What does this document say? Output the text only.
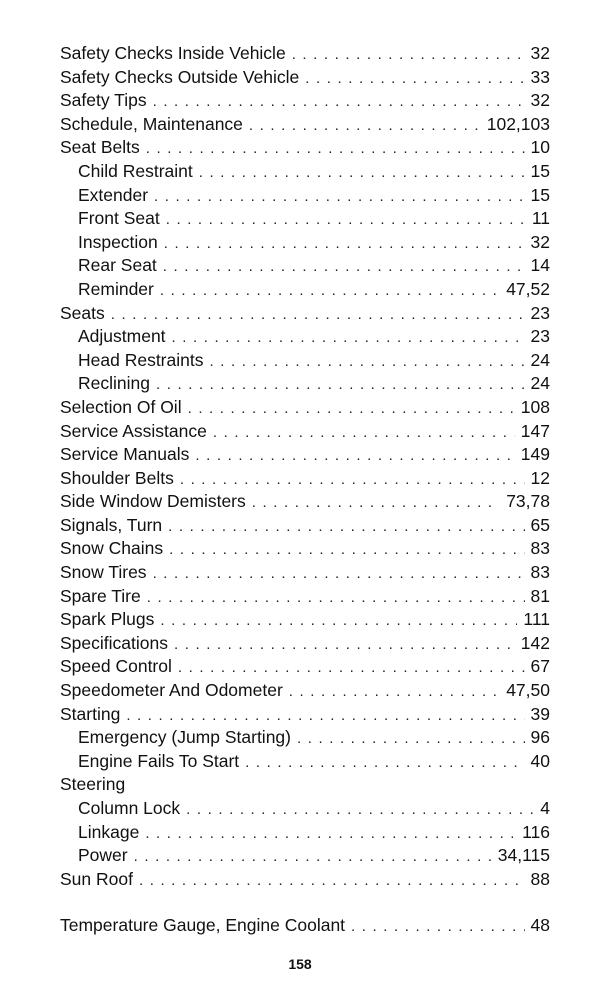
Safety Checks Inside Vehicle . . .	32
Safety Checks Outside Vehicle . . .	33
Safety Tips . . .	32
Schedule, Maintenance . . .	102,103
Seat Belts . . .	10
Child Restraint . . .	15
Extender . . .	15
Front Seat . . .	11
Inspection . . .	32
Rear Seat . . .	14
Reminder . . .	47,52
Seats . . .	23
Adjustment . . .	23
Head Restraints . . .	24
Reclining . . .	24
Selection Of Oil . . .	108
Service Assistance . . .	147
Service Manuals . . .	149
Shoulder Belts . . .	12
Side Window Demisters . . .	73,78
Signals, Turn . . .	65
Snow Chains . . .	83
Snow Tires . . .	83
Spare Tire . . .	81
Spark Plugs . . .	111
Specifications . . .	142
Speed Control . . .	67
Speedometer And Odometer . . .	47,50
Starting . . .	39
Emergency (Jump Starting) . . .	96
Engine Fails To Start . . .	40
Steering
Column Lock . . .	4
Linkage . . .	116
Power . . .	34,115
Sun Roof . . .	88
Temperature Gauge, Engine Coolant . . .	48
158
